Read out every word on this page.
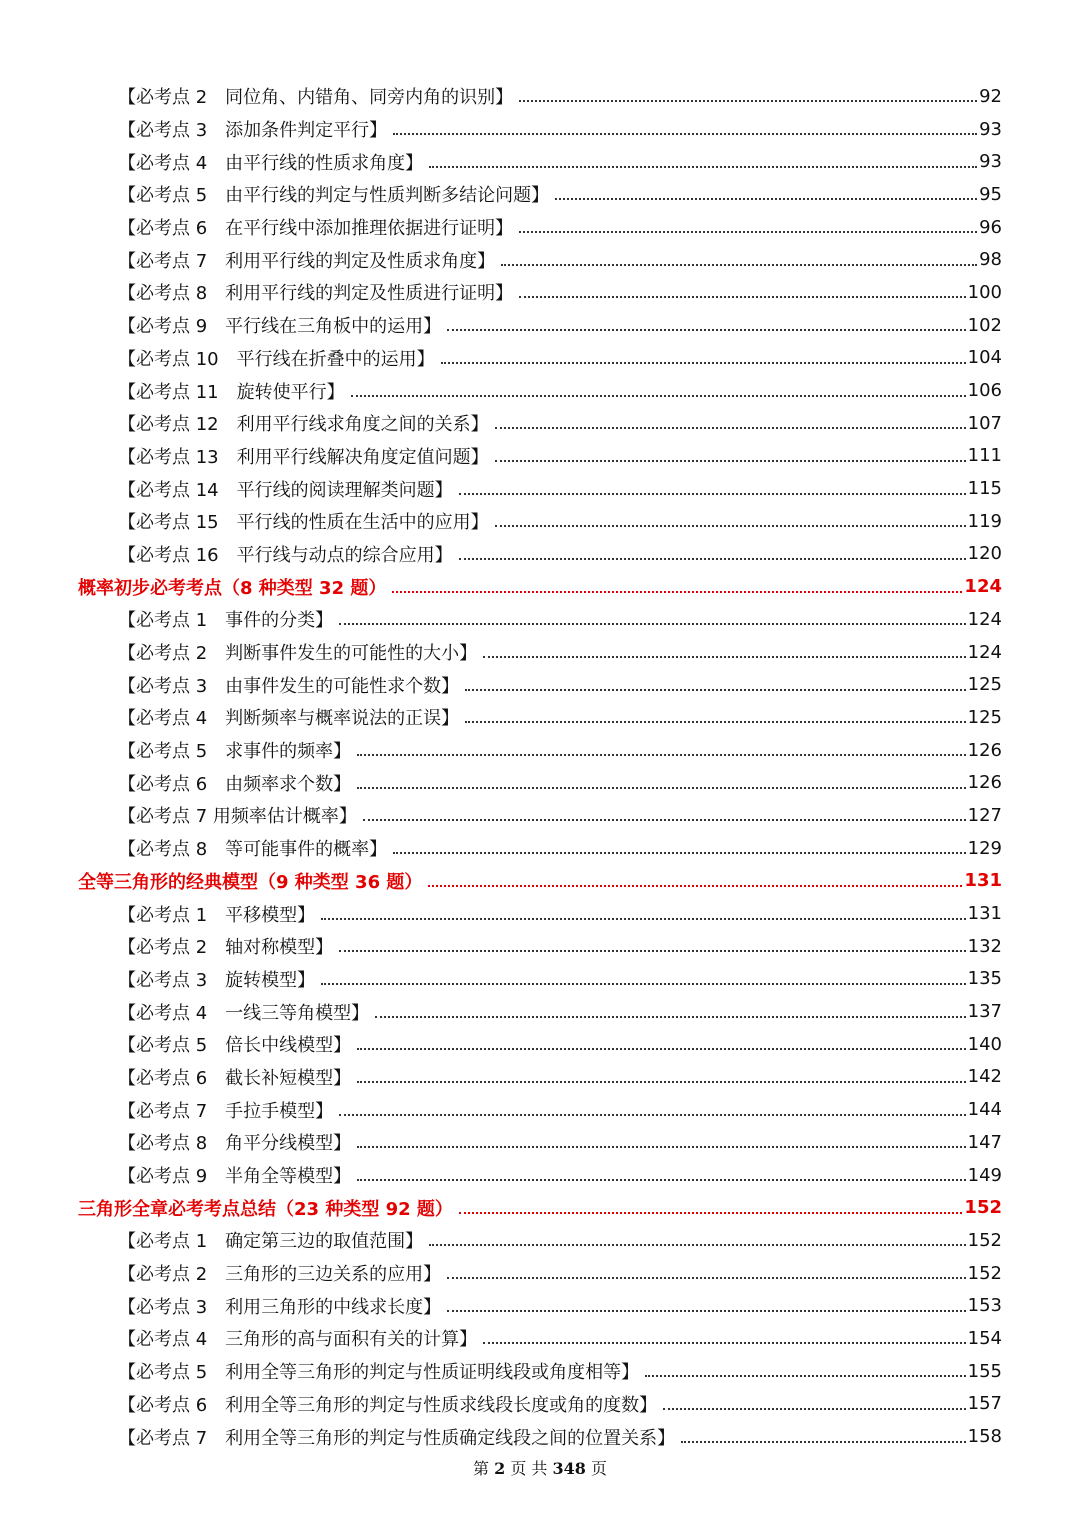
【必考点 2　同位角、内错角、同旁内角的识别】	92
【必考点 3　添加条件判定平行】	93
【必考点 4　由平行线的性质求角度】	93
【必考点 5　由平行线的判定与性质判断多结论问题】	95
【必考点 6　在平行线中添加推理依据进行证明】	96
【必考点 7　利用平行线的判定及性质求角度】	98
【必考点 8　利用平行线的判定及性质进行证明】	100
【必考点 9　平行线在三角板中的运用】	102
【必考点 10　平行线在折叠中的运用】	104
【必考点 11　旋转使平行】	106
【必考点 12　利用平行线求角度之间的关系】	107
【必考点 13　利用平行线解决角度定值问题】	111
【必考点 14　平行线的阅读理解类问题】	115
【必考点 15　平行线的性质在生活中的应用】	119
【必考点 16　平行线与动点的综合应用】	120
概率初步必考考点（8 种类型 32 题）	124
【必考点 1　事件的分类】	124
【必考点 2　判断事件发生的可能性的大小】	124
【必考点 3　由事件发生的可能性求个数】	125
【必考点 4　判断频率与概率说法的正误】	125
【必考点 5　求事件的频率】	126
【必考点 6　由频率求个数】	126
【必考点 7 用频率估计概率】	127
【必考点 8　等可能事件的概率】	129
全等三角形的经典模型（9 种类型 36 题）	131
【必考点 1　平移模型】	131
【必考点 2　轴对称模型】	132
【必考点 3　旋转模型】	135
【必考点 4　一线三等角模型】	137
【必考点 5　倍长中线模型】	140
【必考点 6　截长补短模型】	142
【必考点 7　手拉手模型】	144
【必考点 8　角平分线模型】	147
【必考点 9　半角全等模型】	149
三角形全章必考考点总结（23 种类型 92 题）	152
【必考点 1　确定第三边的取值范围】	152
【必考点 2　三角形的三边关系的应用】	152
【必考点 3　利用三角形的中线求长度】	153
【必考点 4　三角形的高与面积有关的计算】	154
【必考点 5　利用全等三角形的判定与性质证明线段或角度相等】	155
【必考点 6　利用全等三角形的判定与性质求线段长度或角的度数】	157
【必考点 7　利用全等三角形的判定与性质确定线段之间的位置关系】	158
第 2 页 共 348 页
